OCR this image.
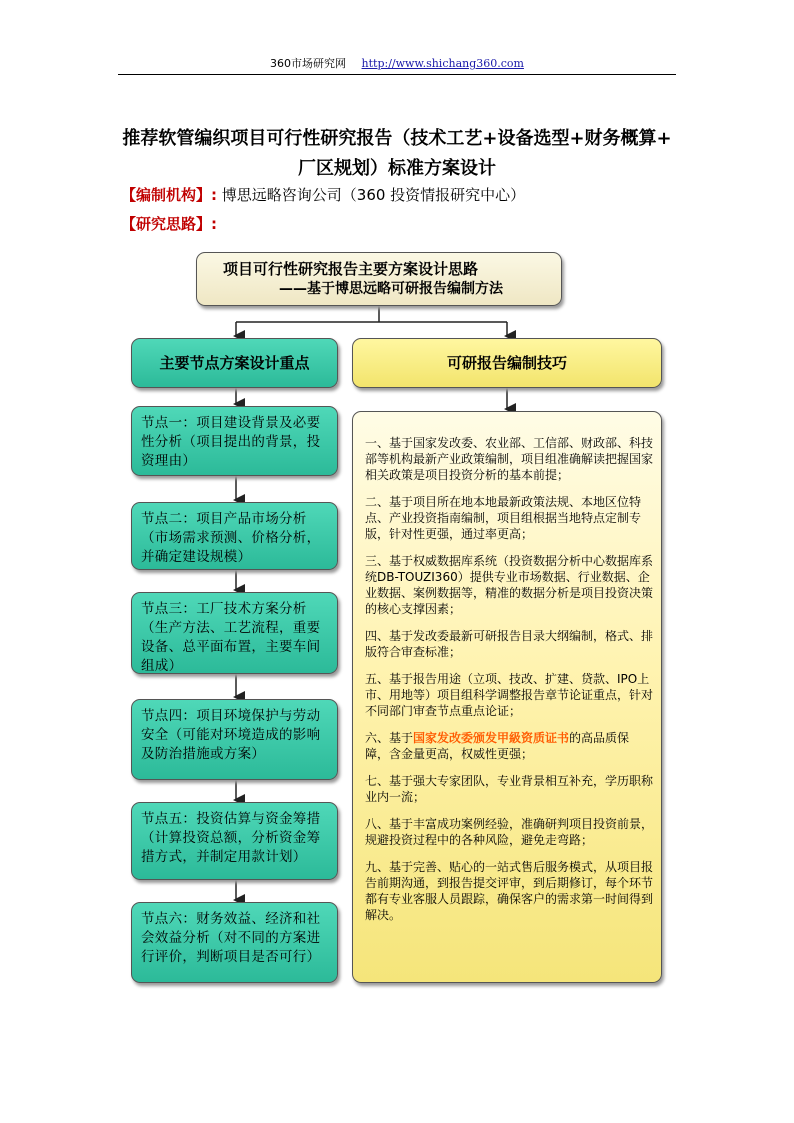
360市场研究网 http://www.shichang360.com
推荐软管编织项目可行性研究报告（技术工艺+设备选型+财务概算+
厂区规划）标准方案设计
【编制机构】: 博思远略咨询公司（360 投资情报研究中心）
【研究思路】:
项目可行性研究报告主要方案设计思路
——基于博思远略可研报告编制方法
主要节点方案设计重点	可研报告编制技巧
节点一：项目建设背景及必要性分析（项目提出的背景，投资理由）
节点二：项目产品市场分析（市场需求预测、价格分析，并确定建设规模）
节点三：工厂技术方案分析（生产方法、工艺流程，重要设备、总平面布置，主要车间组成）
节点四：项目环境保护与劳动安全（可能对环境造成的影响及防治措施或方案）
节点五：投资估算与资金筹措（计算投资总额，分析资金筹措方式，并制定用款计划）
节点六：财务效益、经济和社会效益分析（对不同的方案进行评价，判断项目是否可行）

一、基于国家发改委、农业部、工信部、财政部、科技部等机构最新产业政策编制，项目组准确解读把握国家相关政策是项目投资分析的基本前提；

二、基于项目所在地本地最新政策法规、本地区位特点、产业投资指南编制，项目组根据当地特点定制专版，针对性更强，通过率更高；

三、基于权威数据库系统（投资数据分析中心数据库系统DB-TOUZI360）提供专业市场数据、行业数据、企业数据、案例数据等，精准的数据分析是项目投资决策的核心支撑因素；

四、基于发改委最新可研报告目录大纲编制，格式、排版符合审查标准；

五、基于报告用途（立项、技改、扩建、贷款、IPO上市、用地等）项目组科学调整报告章节论证重点，针对不同部门审查节点重点论证；

六、基于国家发改委颁发甲級资质证书的高品质保障，含金量更高，权威性更强；

七、基于强大专家团队，专业背景相互补充，学历职称业内一流；

八、基于丰富成功案例经验，准确研判项目投资前景，规避投资过程中的各种风险，避免走弯路；

九、基于完善、贴心的一站式售后服务模式，从项目报告前期沟通，到报告提交评审，到后期修订，每个环节都有专业客服人员跟踪，确保客户的需求第一时间得到解决。
